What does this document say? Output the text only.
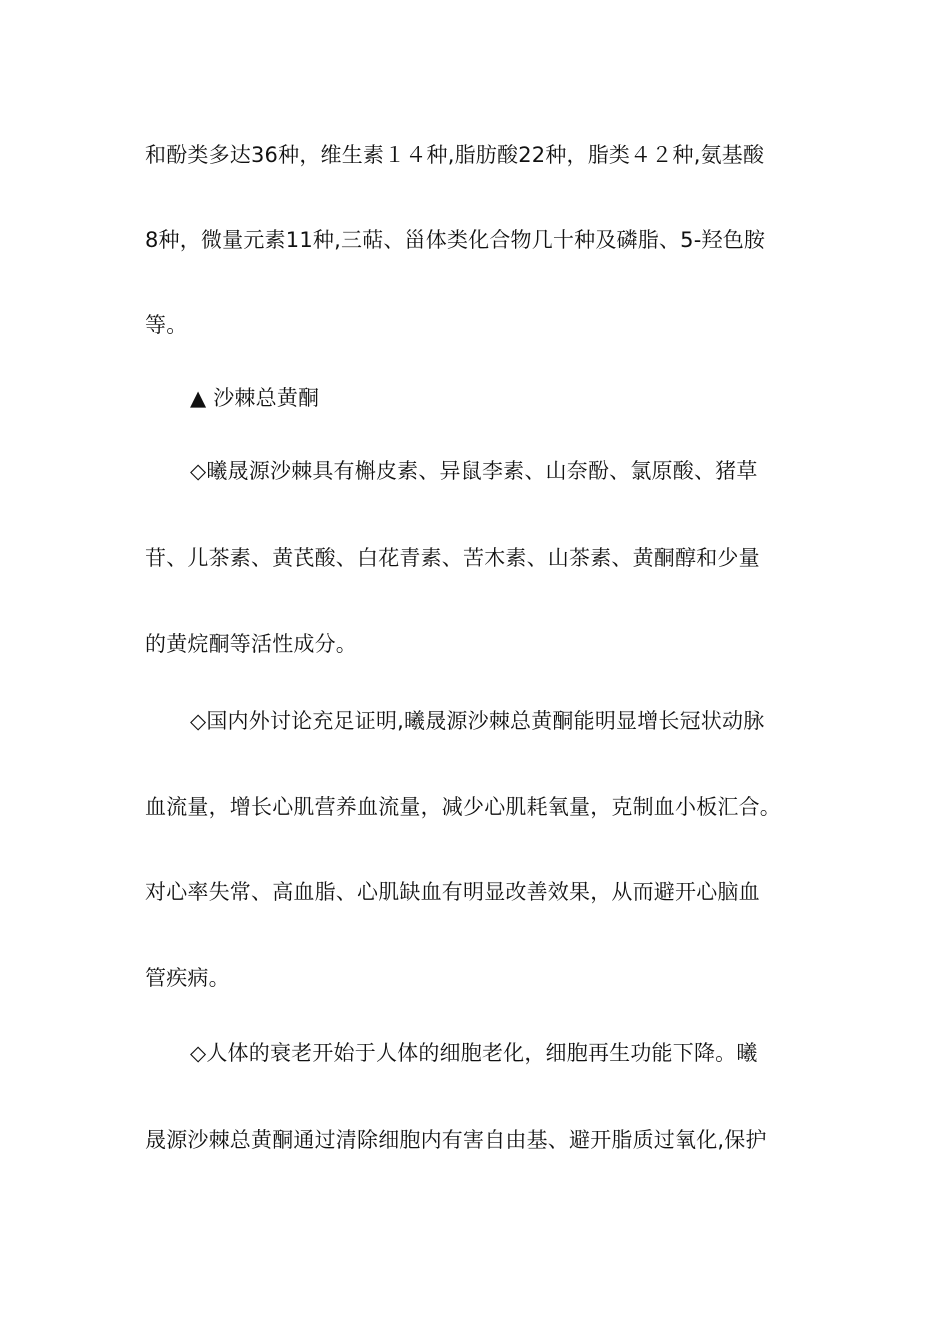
和酚类多达36种，维生素１４种,脂肪酸22种，脂类４２种,氨基酸
8种，微量元素11种,三萜、甾体类化合物几十种及磷脂、5-羟色胺
等。
▲ 沙棘总黄酮
◇曦晟源沙棘具有槲皮素、异鼠李素、山奈酚、氯原酸、猪草
苷、儿茶素、黄芪酸、白花青素、苦木素、山茶素、黄酮醇和少量
的黄烷酮等活性成分。
◇国内外讨论充足证明,曦晟源沙棘总黄酮能明显增长冠状动脉
血流量，增长心肌营养血流量，减少心肌耗氧量，克制血小板汇合。
对心率失常、高血脂、心肌缺血有明显改善效果，从而避开心脑血
管疾病。
◇人体的衰老开始于人体的细胞老化，细胞再生功能下降。曦
晟源沙棘总黄酮通过清除细胞内有害自由基、避开脂质过氧化,保护
